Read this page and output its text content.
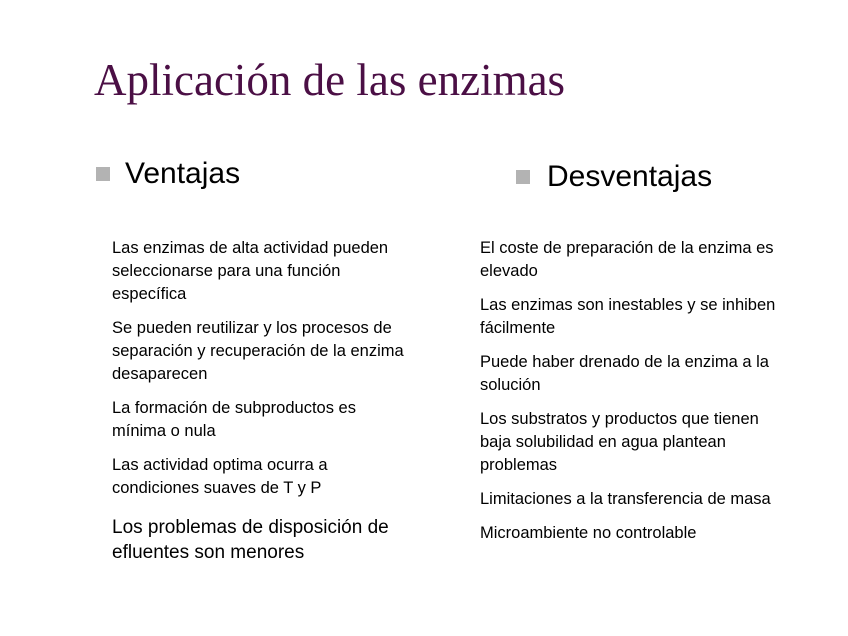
Aplicación de las enzimas
Ventajas	Desventajas
Las enzimas de alta actividad pueden seleccionarse para una función específica
Se pueden reutilizar y los procesos de separación y recuperación de la enzima desaparecen
La formación de subproductos es mínima o nula
Las actividad optima ocurra a condiciones suaves de T y P
Los problemas de disposición de efluentes son menores
El coste de preparación de la enzima es elevado
Las enzimas son inestables y se inhiben fácilmente
Puede haber drenado de la enzima a la solución
Los substratos y productos que tienen baja solubilidad en agua plantean problemas
Limitaciones a la transferencia de masa
Microambiente no controlable
